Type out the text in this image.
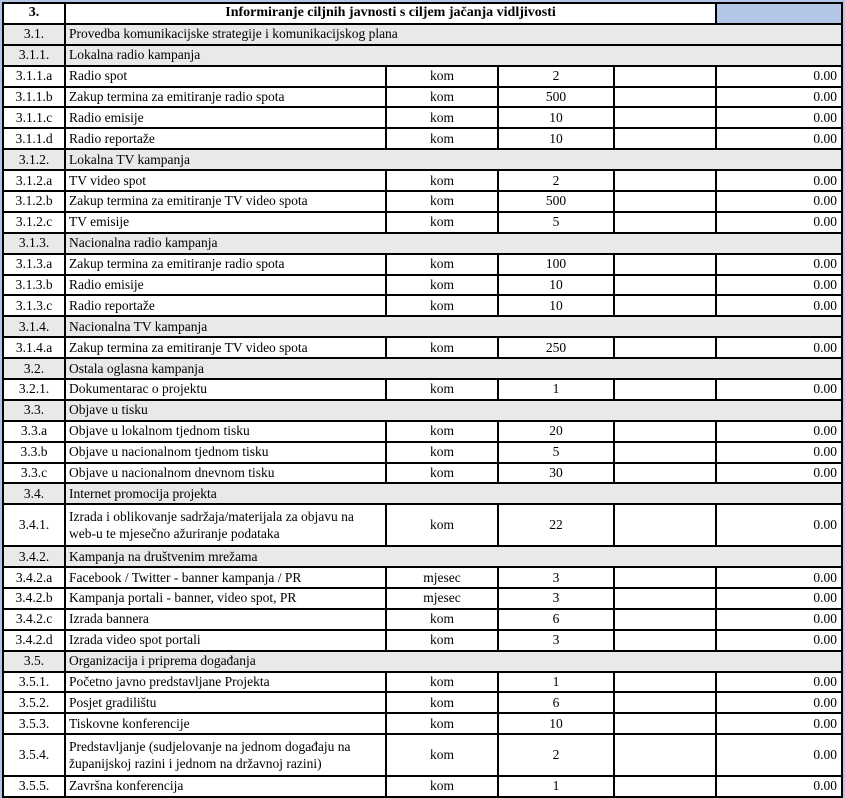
3.	Informiranje ciljnih javnosti s ciljem jačanja vidljivosti				
3.1.	Provedba komunikacijske strategije i komunikacijskog plana				
3.1.1.	Lokalna radio kampanja				
3.1.1.a	Radio spot	kom	2		0.00
3.1.1.b	Zakup termina za emitiranje radio spota	kom	500		0.00
3.1.1.c	Radio emisije	kom	10		0.00
3.1.1.d	Radio reportaže	kom	10		0.00
3.1.2.	Lokalna TV kampanja				
3.1.2.a	TV video spot	kom	2		0.00
3.1.2.b	Zakup termina za emitiranje TV video spota	kom	500		0.00
3.1.2.c	TV emisije	kom	5		0.00
3.1.3.	Nacionalna radio kampanja				
3.1.3.a	Zakup termina za emitiranje radio spota	kom	100		0.00
3.1.3.b	Radio emisije	kom	10		0.00
3.1.3.c	Radio reportaže	kom	10		0.00
3.1.4.	Nacionalna TV kampanja				
3.1.4.a	Zakup termina za emitiranje TV video spota	kom	250		0.00
3.2.	Ostala oglasna kampanja				
3.2.1.	Dokumentarac o projektu	kom	1		0.00
3.3.	Objave u tisku				
3.3.a	Objave u lokalnom tjednom tisku	kom	20		0.00
3.3.b	Objave u nacionalnom tjednom tisku	kom	5		0.00
3.3.c	Objave u nacionalnom dnevnom tisku	kom	30		0.00
3.4.	Internet promocija projekta				
3.4.1.	Izrada i oblikovanje sadržaja/materijala za objavu na web-u te mjesečno ažuriranje podataka	kom	22		0.00
3.4.2.	Kampanja na društvenim mrežama				
3.4.2.a	Facebook / Twitter - banner kampanja / PR	mjesec	3		0.00
3.4.2.b	Kampanja portali - banner, video spot, PR	mjesec	3		0.00
3.4.2.c	Izrada bannera	kom	6		0.00
3.4.2.d	Izrada video spot portali	kom	3		0.00
3.5.	Organizacija i priprema događanja				
3.5.1.	Početno javno predstavljane Projekta	kom	1		0.00
3.5.2.	Posjet gradilištu	kom	6		0.00
3.5.3.	Tiskovne konferencije	kom	10		0.00
3.5.4.	Predstavljanje (sudjelovanje na jednom događaju na županijskoj razini i jednom na državnoj razini)	kom	2		0.00
3.5.5.	Završna konferencija	kom	1		0.00
